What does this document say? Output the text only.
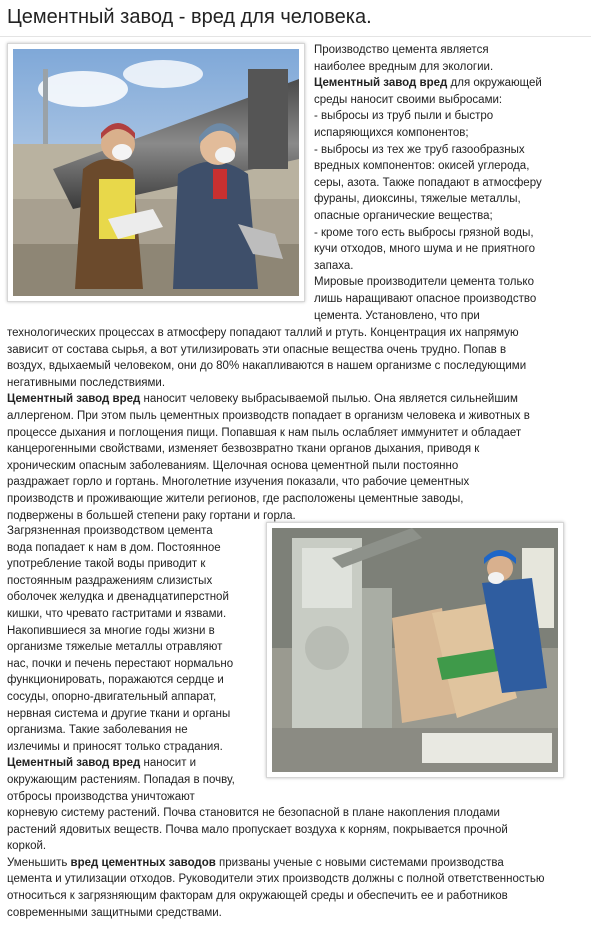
Цементный завод - вред для человека.
Производство цемента является
наиболее вредным для экологии.
Цементный завод вред для окружающей
среды наносит своими выбросами:
- выбросы из труб пыли и быстро
испаряющихся компонентов;
- выбросы из тех же труб газообразных
вредных компонентов: окисей углерода,
серы, азота. Также попадают в атмосферу
фураны, диоксины, тяжелые металлы,
опасные органические вещества;
- кроме того есть выбросы грязной воды,
кучи отходов, много шума и не приятного
запаха.
Мировые производители цемента только
лишь наращивают опасное производство
цемента. Установлено, что при
технологических процессах в атмосферу попадают таллий и ртуть. Концентрация их напрямую
зависит от состава сырья, а вот утилизировать эти опасные вещества очень трудно. Попав в
воздух, вдыхаемый человеком, они до 80% накапливаются в нашем организме с последующими
негативными последствиями.
Цементный завод вред наносит человеку выбрасываемой пылью. Она является сильнейшим
аллергеном. При этом пыль цементных производств попадает в организм человека и животных в
процессе дыхания и поглощения пищи. Попавшая к нам пыль ослабляет иммунитет и обладает
канцерогенными свойствами, изменяет безвозвратно ткани органов дыхания, приводя к
хроническим опасным заболеваниям. Щелочная основа цементной пыли постоянно
раздражает горло и гортань. Многолетние изучения показали, что рабочие цементных
производств и проживающие жители регионов, где расположены цементные заводы,
подвержены в большей степени раку гортани и горла.
Загрязненная производством цемента
вода попадает к нам в дом. Постоянное
употребление такой воды приводит к
постоянным раздражениям слизистых
оболочек желудка и двенадцатиперстной
кишки, что чревато гастритами и язвами.
Накопившиеся за многие годы жизни в
организме тяжелые металлы отравляют
нас, почки и печень перестают нормально
функционировать, поражаются сердце и
сосуды, опорно-двигательный аппарат,
нервная система и другие ткани и органы
организма. Такие заболевания не
излечимы и приносят только страдания.
Цементный завод вред наносит и
окружающим растениям. Попадая в почву,
отбросы производства уничтожают
корневую систему растений. Почва становится не безопасной в плане накопления плодами
растений ядовитых веществ. Почва мало пропускает воздуха к корням, покрывается прочной
коркой.
Уменьшить вред цементных заводов призваны ученые с новыми системами производства
цемента и утилизации отходов. Руководители этих производств должны с полной ответственностью
относиться к загрязняющим факторам для окружающей среды и обеспечить ее и работников
современными защитными средствами.
